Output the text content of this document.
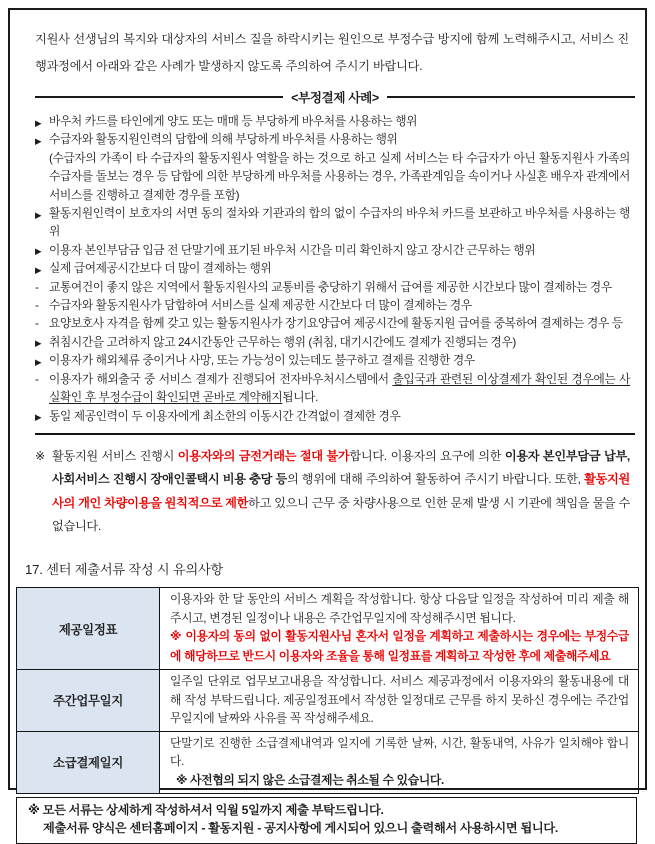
지원사 선생님의 복지와 대상자의 서비스 질을 하락시키는 원인으로 부정수급 방지에 함께 노력해주시고, 서비스 진행과정에서 아래와 같은 사례가 발생하지 않도록 주의하여 주시기 바랍니다.

<부정결제 사례>
▶ 바우처 카드를 타인에게 양도 또는 매매 등 부당하게 바우처를 사용하는 행위
▶ 수급자와 활동지원인력의 담합에 의해 부당하게 바우처를 사용하는 행위
(수급자의 가족이 타 수급자의 활동지원사 역할을 하는 것으로 하고 실제 서비스는 타 수급자가 아닌 활동지원사 가족의 수급자를 돌보는 경우 등 담합에 의한 부당하게 바우처를 사용하는 경우, 가족관계임을 속이거나 사실혼 배우자 관계에서 서비스를 진행하고 결제한 경우를 포함)
▶ 활동지원인력이 보호자의 서면 동의 절차와 기관과의 합의 없이 수급자의 바우처 카드를 보관하고 바우처를 사용하는 행위
▶ 이용자 본인부담금 입금 전 단말기에 표기된 바우처 시간을 미리 확인하지 않고 장시간 근무하는 행위
▶ 실제 급여제공시간보다 더 많이 결제하는 행위
- 교통여건이 좋지 않은 지역에서 활동지원사의 교통비를 충당하기 위해서 급여를 제공한 시간보다 많이 결제하는 경우
- 수급자와 활동지원사가 담합하여 서비스를 실제 제공한 시간보다 더 많이 결제하는 경우
- 요양보호사 자격을 함께 갖고 있는 활동지원사가 장기요양급여 제공시간에 활동지원 급여를 중복하여 결제하는 경우 등
▶ 취침시간을 고려하지 않고 24시간동안 근무하는 행위 (취침, 대기시간에도 결제가 진행되는 경우)
▶ 이용자가 해외체류 중이거나 사망, 또는 가능성이 있는데도 불구하고 결제를 진행한 경우
- 이용자가 해외출국 중 서비스 결제가 진행되어 전자바우처시스템에서 출입국과 관련된 이상결제가 확인된 경우에는 사실확인 후 부정수급이 확인되면 곧바로 계약해지됩니다.
▶ 동일 제공인력이 두 이용자에게 최소한의 이동시간 간격없이 결제한 경우
※ 활동지원 서비스 진행시 이용자와의 금전거래는 절대 불가합니다. 이용자의 요구에 의한 이용자 본인부담금 납부, 사회서비스 진행시 장애인콜택시 비용 충당 등의 행위에 대해 주의하여 활동하여 주시기 바랍니다. 또한, 활동지원사의 개인 차량이용을 원칙적으로 제한하고 있으니 근무 중 차량사용으로 인한 문제 발생 시 기관에 책임을 물을 수 없습니다.
17. 센터 제출서류 작성 시 유의사항
제공일정표	이용자와 한 달 동안의 서비스 계획을 작성합니다. 항상 다음달 일정을 작성하여 미리 제출 해주시고, 변경된 일정이나 내용은 주간업무일지에 작성해주시면 됩니다.

※ 이용자의 동의 없이 활동지원사님 혼자서 일정을 계획하고 제출하시는 경우에는 부정수급에 해당하므로 반드시 이용자와 조율을 통해 일정표를 계획하고 작성한 후에 제출해주세요

주간업무일지	일주일 단위로 업무보고내용을 작성합니다. 서비스 제공과정에서 이용자와의 활동내용에 대해 작성 부탁드립니다. 제공일정표에서 작성한 일정대로 근무를 하지 못하신 경우에는 주간업무일지에 날짜와 사유를 꼭 작성해주세요.

소급결제일지	단말기로 진행한 소급결제내역과 일지에 기록한 날짜, 시간, 활동내역, 사유가 일치해야 합니다.

※ 사전협의 되지 않은 소급결제는 취소될 수 있습니다.

※ 모든 서류는 상세하게 작성하셔서 익월 5일까지 제출 부탁드립니다.

제출서류 양식은 센터홈페이지 - 활동지원 - 공지사항에 게시되어 있으니 출력해서 사용하시면 됩니다.
